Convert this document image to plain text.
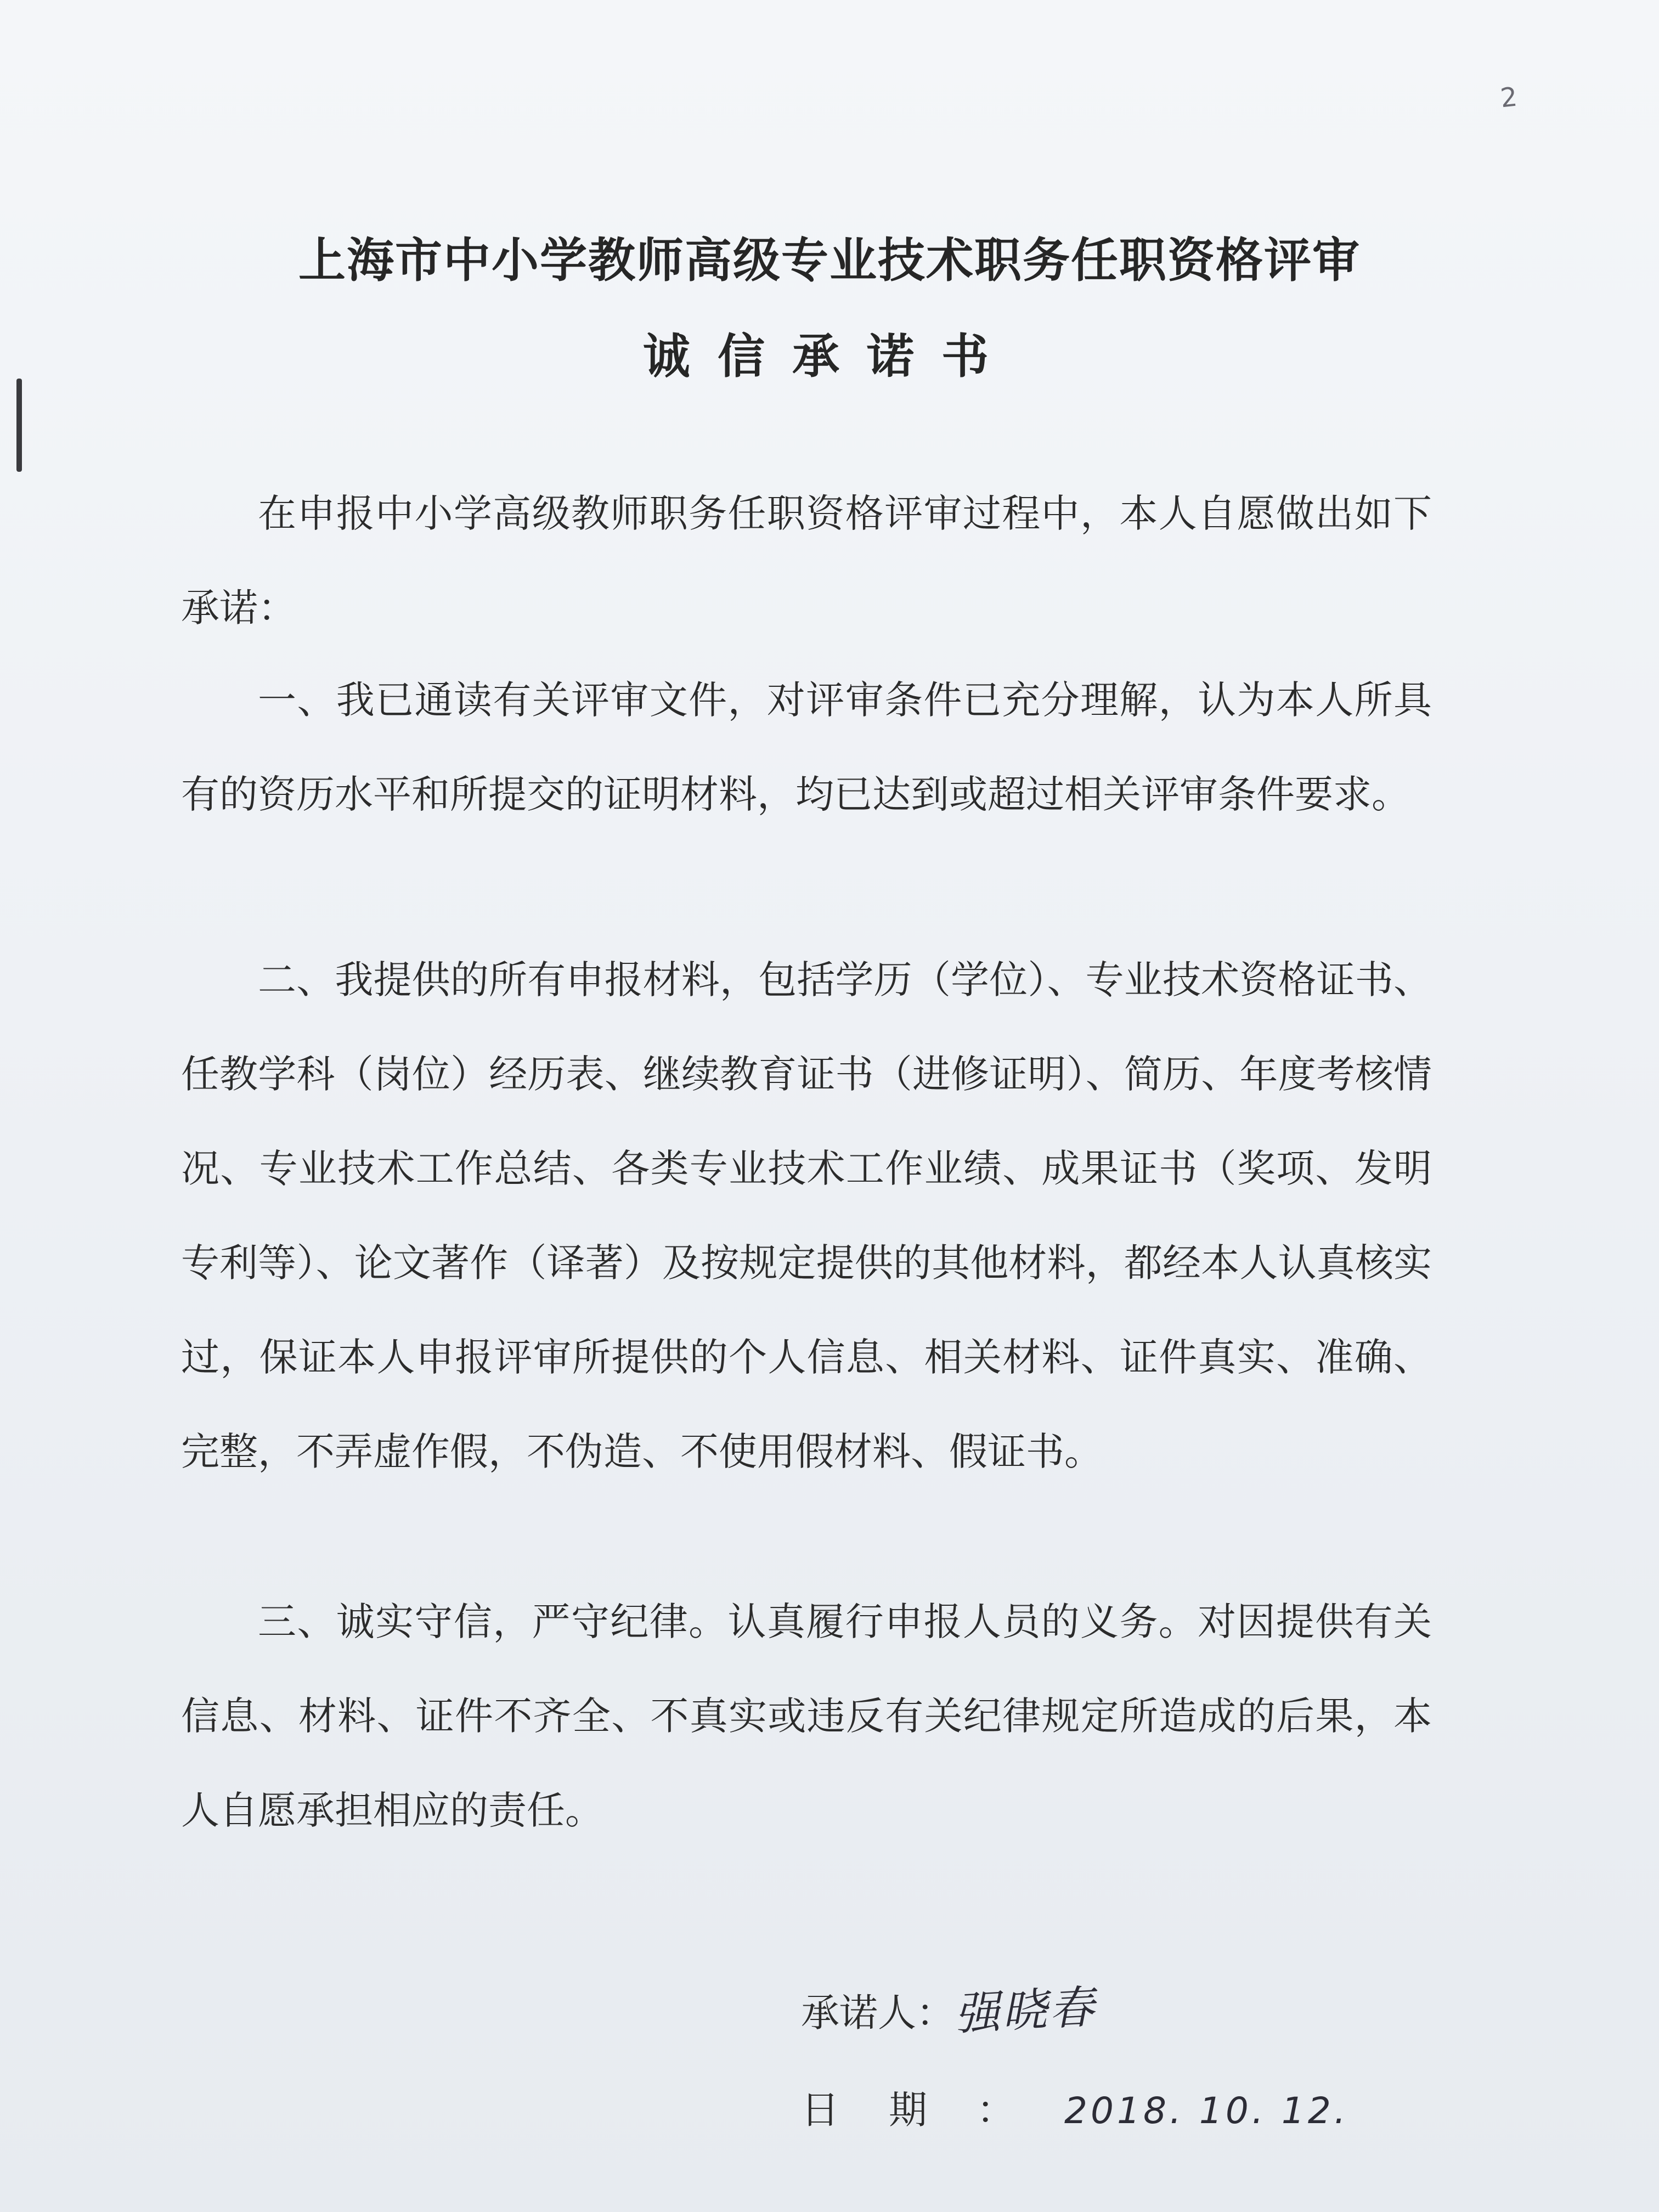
2
上海市中小学教师高级专业技术职务任职资格评审
诚信承诺书

在申报中小学高级教师职务任职资格评审过程中，本人自愿做出如下承诺：

一、我已通读有关评审文件，对评审条件已充分理解，认为本人所具有的资历水平和所提交的证明材料，均已达到或超过相关评审条件要求。

二、我提供的所有申报材料，包括学历（学位）、专业技术资格证书、任教学科（岗位）经历表、继续教育证书（进修证明）、简历、年度考核情况、专业技术工作总结、各类专业技术工作业绩、成果证书（奖项、发明专利等）、论文著作（译著）及按规定提供的其他材料，都经本人认真核实过，保证本人申报评审所提供的个人信息、相关材料、证件真实、准确、完整，不弄虚作假，不伪造、不使用假材料、假证书。

三、诚实守信，严守纪律。认真履行申报人员的义务。对因提供有关信息、材料、证件不齐全、不真实或违反有关纪律规定所造成的后果，本人自愿承担相应的责任。

承诺人：强晓春
日期：2018. 10. 12.
